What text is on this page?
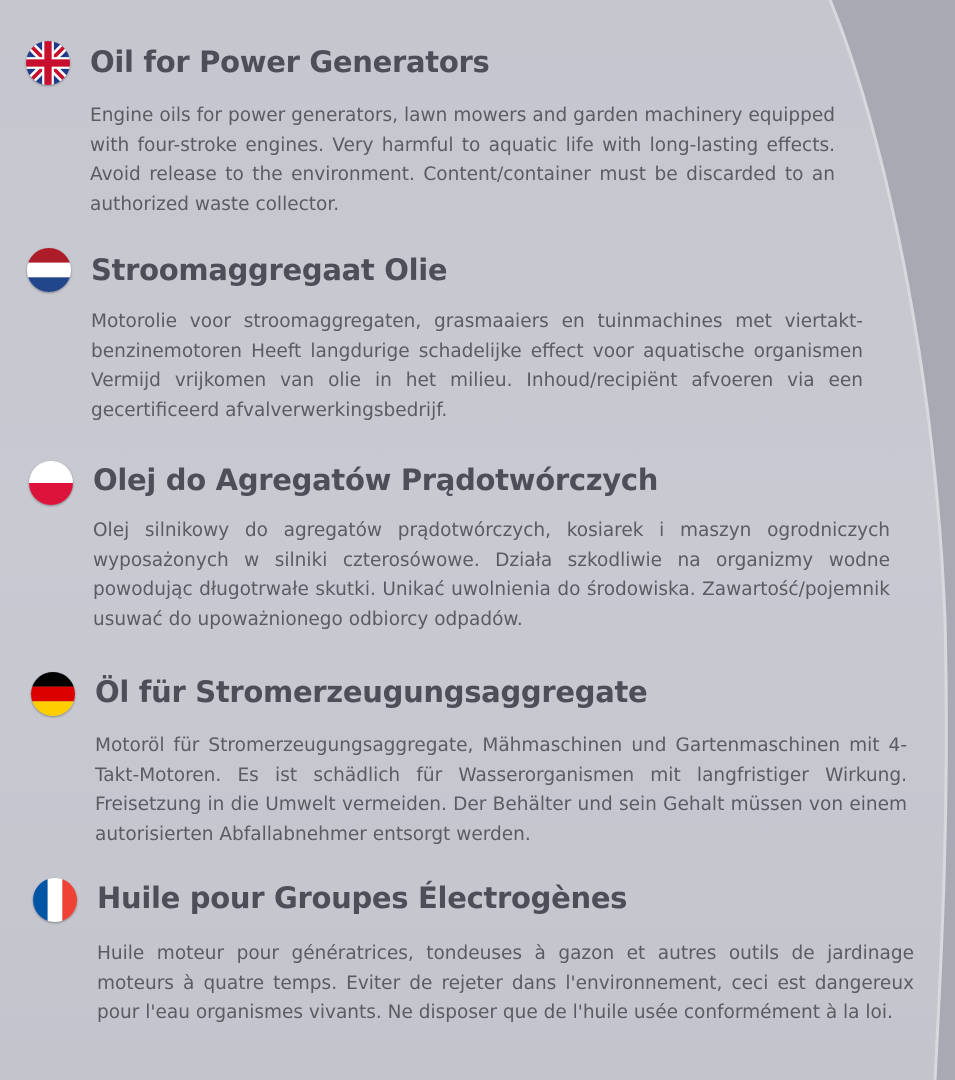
Oil for Power Generators
Engine oils for power generators, lawn mowers and garden machinery equipped with four-stroke engines. Very harmful to aquatic life with long-lasting effects. Avoid release to the environment. Content/container must be discarded to an authorized waste collector.
Stroomaggregaat Olie
Motorolie voor stroomaggregaten, grasmaaiers en tuinmachines met viertakt-benzinemotoren Heeft langdurige schadelijke effect voor aquatische organismen Vermijd vrijkomen van olie in het milieu. Inhoud/recipiënt afvoeren via een gecertificeerd afvalverwerkingsbedrijf.
Olej do Agregatów Prądotwórczych
Olej silnikowy do agregatów prądotwórczych, kosiarek i maszyn ogrodniczych wyposażonych w silniki czterosówowe. Działa szkodliwie na organizmy wodne powodując długotrwałe skutki. Unikać uwolnienia do środowiska. Zawartość/pojemnik usuwać do upoważnionego odbiorcy odpadów.
Öl für Stromerzeugungsaggregate
Motoröl für Stromerzeugungsaggregate, Mähmaschinen und Gartenmaschinen mit 4-Takt-Motoren. Es ist schädlich für Wasserorganismen mit langfristiger Wirkung. Freisetzung in die Umwelt vermeiden. Der Behälter und sein Gehalt müssen von einem autorisierten Abfallabnehmer entsorgt werden.
Huile pour Groupes Électrogènes
Huile moteur pour génératrices, tondeuses à gazon et autres outils de jardinage moteurs à quatre temps. Eviter de rejeter dans l'environnement, ceci est dangereux pour l'eau organismes vivants. Ne disposer que de l'huile usée conformément à la loi.
